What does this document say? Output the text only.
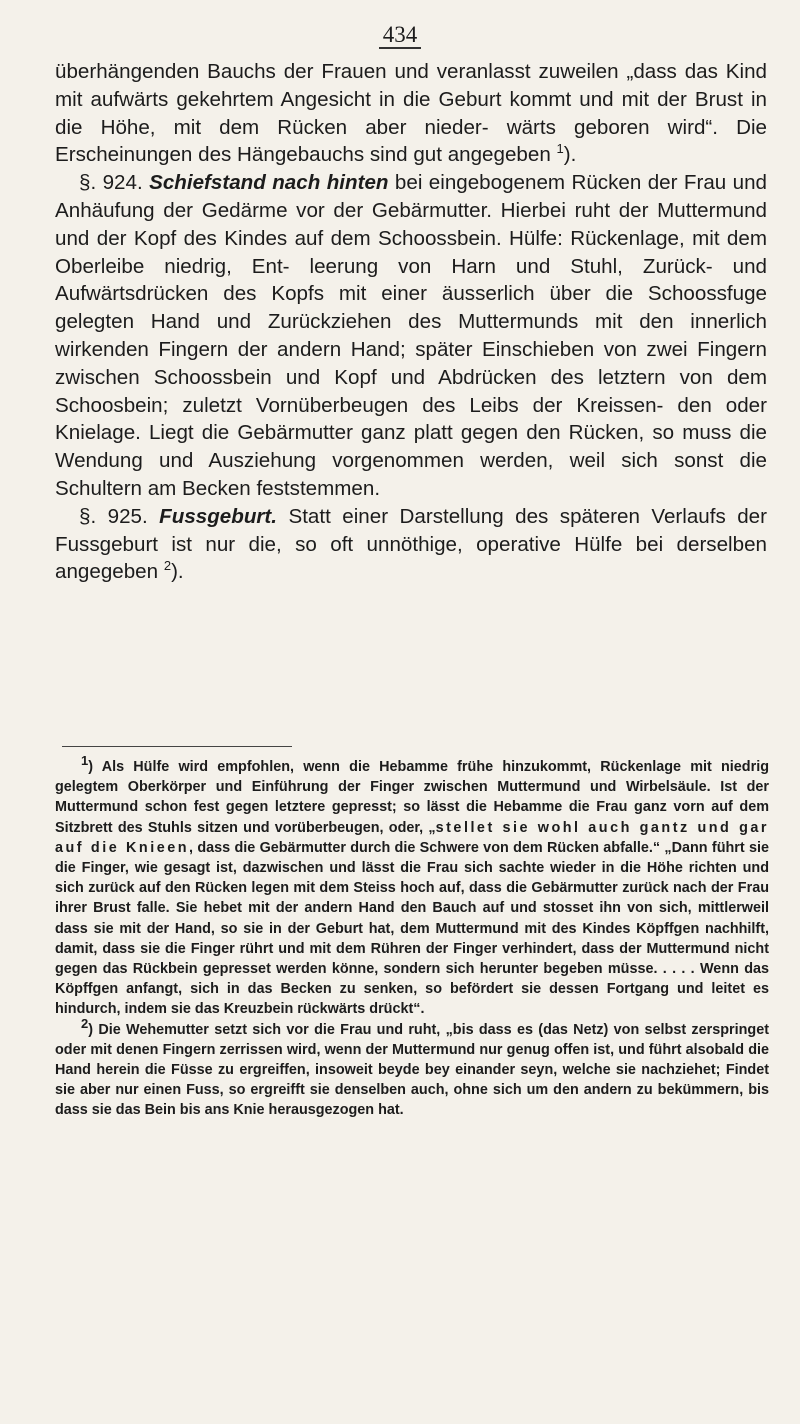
434

überhängenden Bauchs der Frauen und veranlasst zuweilen „dass das Kind mit aufwärts gekehrtem Angesicht in die Geburt kommt und mit der Brust in die Höhe, mit dem Rücken aber nieder- wärts geboren wird“. Die Erscheinungen des Hängebauchs sind gut angegeben $^1$).

§. 924. Schiefstand nach hinten bei eingebogenem Rücken der Frau und Anhäufung der Gedärme vor der Gebärmutter. Hierbei ruht der Muttermund und der Kopf des Kindes auf dem Schoossbein. Hülfe: Rückenlage, mit dem Oberleibe niedrig, Ent- leerung von Harn und Stuhl, Zurück- und Aufwärtsdrücken des Kopfs mit einer äusserlich über die Schoossfuge gelegten Hand und Zurückziehen des Muttermunds mit den innerlich wirkenden Fingern der andern Hand; später Einschieben von zwei Fingern zwischen Schoossbein und Kopf und Abdrücken des letztern von dem Schoosbein; zuletzt Vornüberbeugen des Leibs der Kreissen- den oder Knielage. Liegt die Gebärmutter ganz platt gegen den Rücken, so muss die Wendung und Ausziehung vorgenommen werden, weil sich sonst die Schultern am Becken feststemmen.

§. 925. Fussgeburt. Statt einer Darstellung des späteren Verlaufs der Fussgeburt ist nur die, so oft unnöthige, operative Hülfe bei derselben angegeben $^2$).

1) Als Hülfe wird empfohlen, wenn die Hebamme frühe hinzukommt, Rückenlage mit niedrig gelegtem Oberkörper und Einführung der Finger zwischen Muttermund und Wirbelsäule. Ist der Muttermund schon fest gegen letztere gepresst; so lässt die Hebamme die Frau ganz vorn auf dem Sitzbrett des Stuhls sitzen und vorüberbeugen, oder, „stellet sie wohl auch gantz und gar auf die Knieen, dass die Gebärmutter durch die Schwere von dem Rücken abfalle.“ „Dann führt sie die Finger, wie gesagt ist, dazwischen und lässt die Frau sich sachte wieder in die Höhe richten und sich zurück auf den Rücken legen mit dem Steiss hoch auf, dass die Gebärmutter zurück nach der Frau ihrer Brust falle. Sie hebet mit der andern Hand den Bauch auf und stosset ihn von sich, mittlerweil dass sie mit der Hand, so sie in der Geburt hat, dem Muttermund mit des Kindes Köpffgen nachhilft, damit, dass sie die Finger rührt und mit dem Rühren der Finger verhindert, dass der Muttermund nicht gegen das Rückbein gepresset werden könne, sondern sich herunter begeben müsse. . . . . Wenn das Köpffgen anfangt, sich in das Becken zu senken, so befördert sie dessen Fortgang und leitet es hindurch, indem sie das Kreuzbein rückwärts drückt“.

2) Die Wehemutter setzt sich vor die Frau und ruht, „bis dass es (das Netz) von selbst zerspringet oder mit denen Fingern zerrissen wird, wenn der Muttermund nur genug offen ist, und führt alsobald die Hand herein die Füsse zu ergreiffen, insoweit beyde bey einander seyn, welche sie nachziehet; Findet sie aber nur einen Fuss, so ergreifft sie denselben auch, ohne sich um den andern zu bekümmern, bis dass sie das Bein bis ans Knie herausgezogen hat.
